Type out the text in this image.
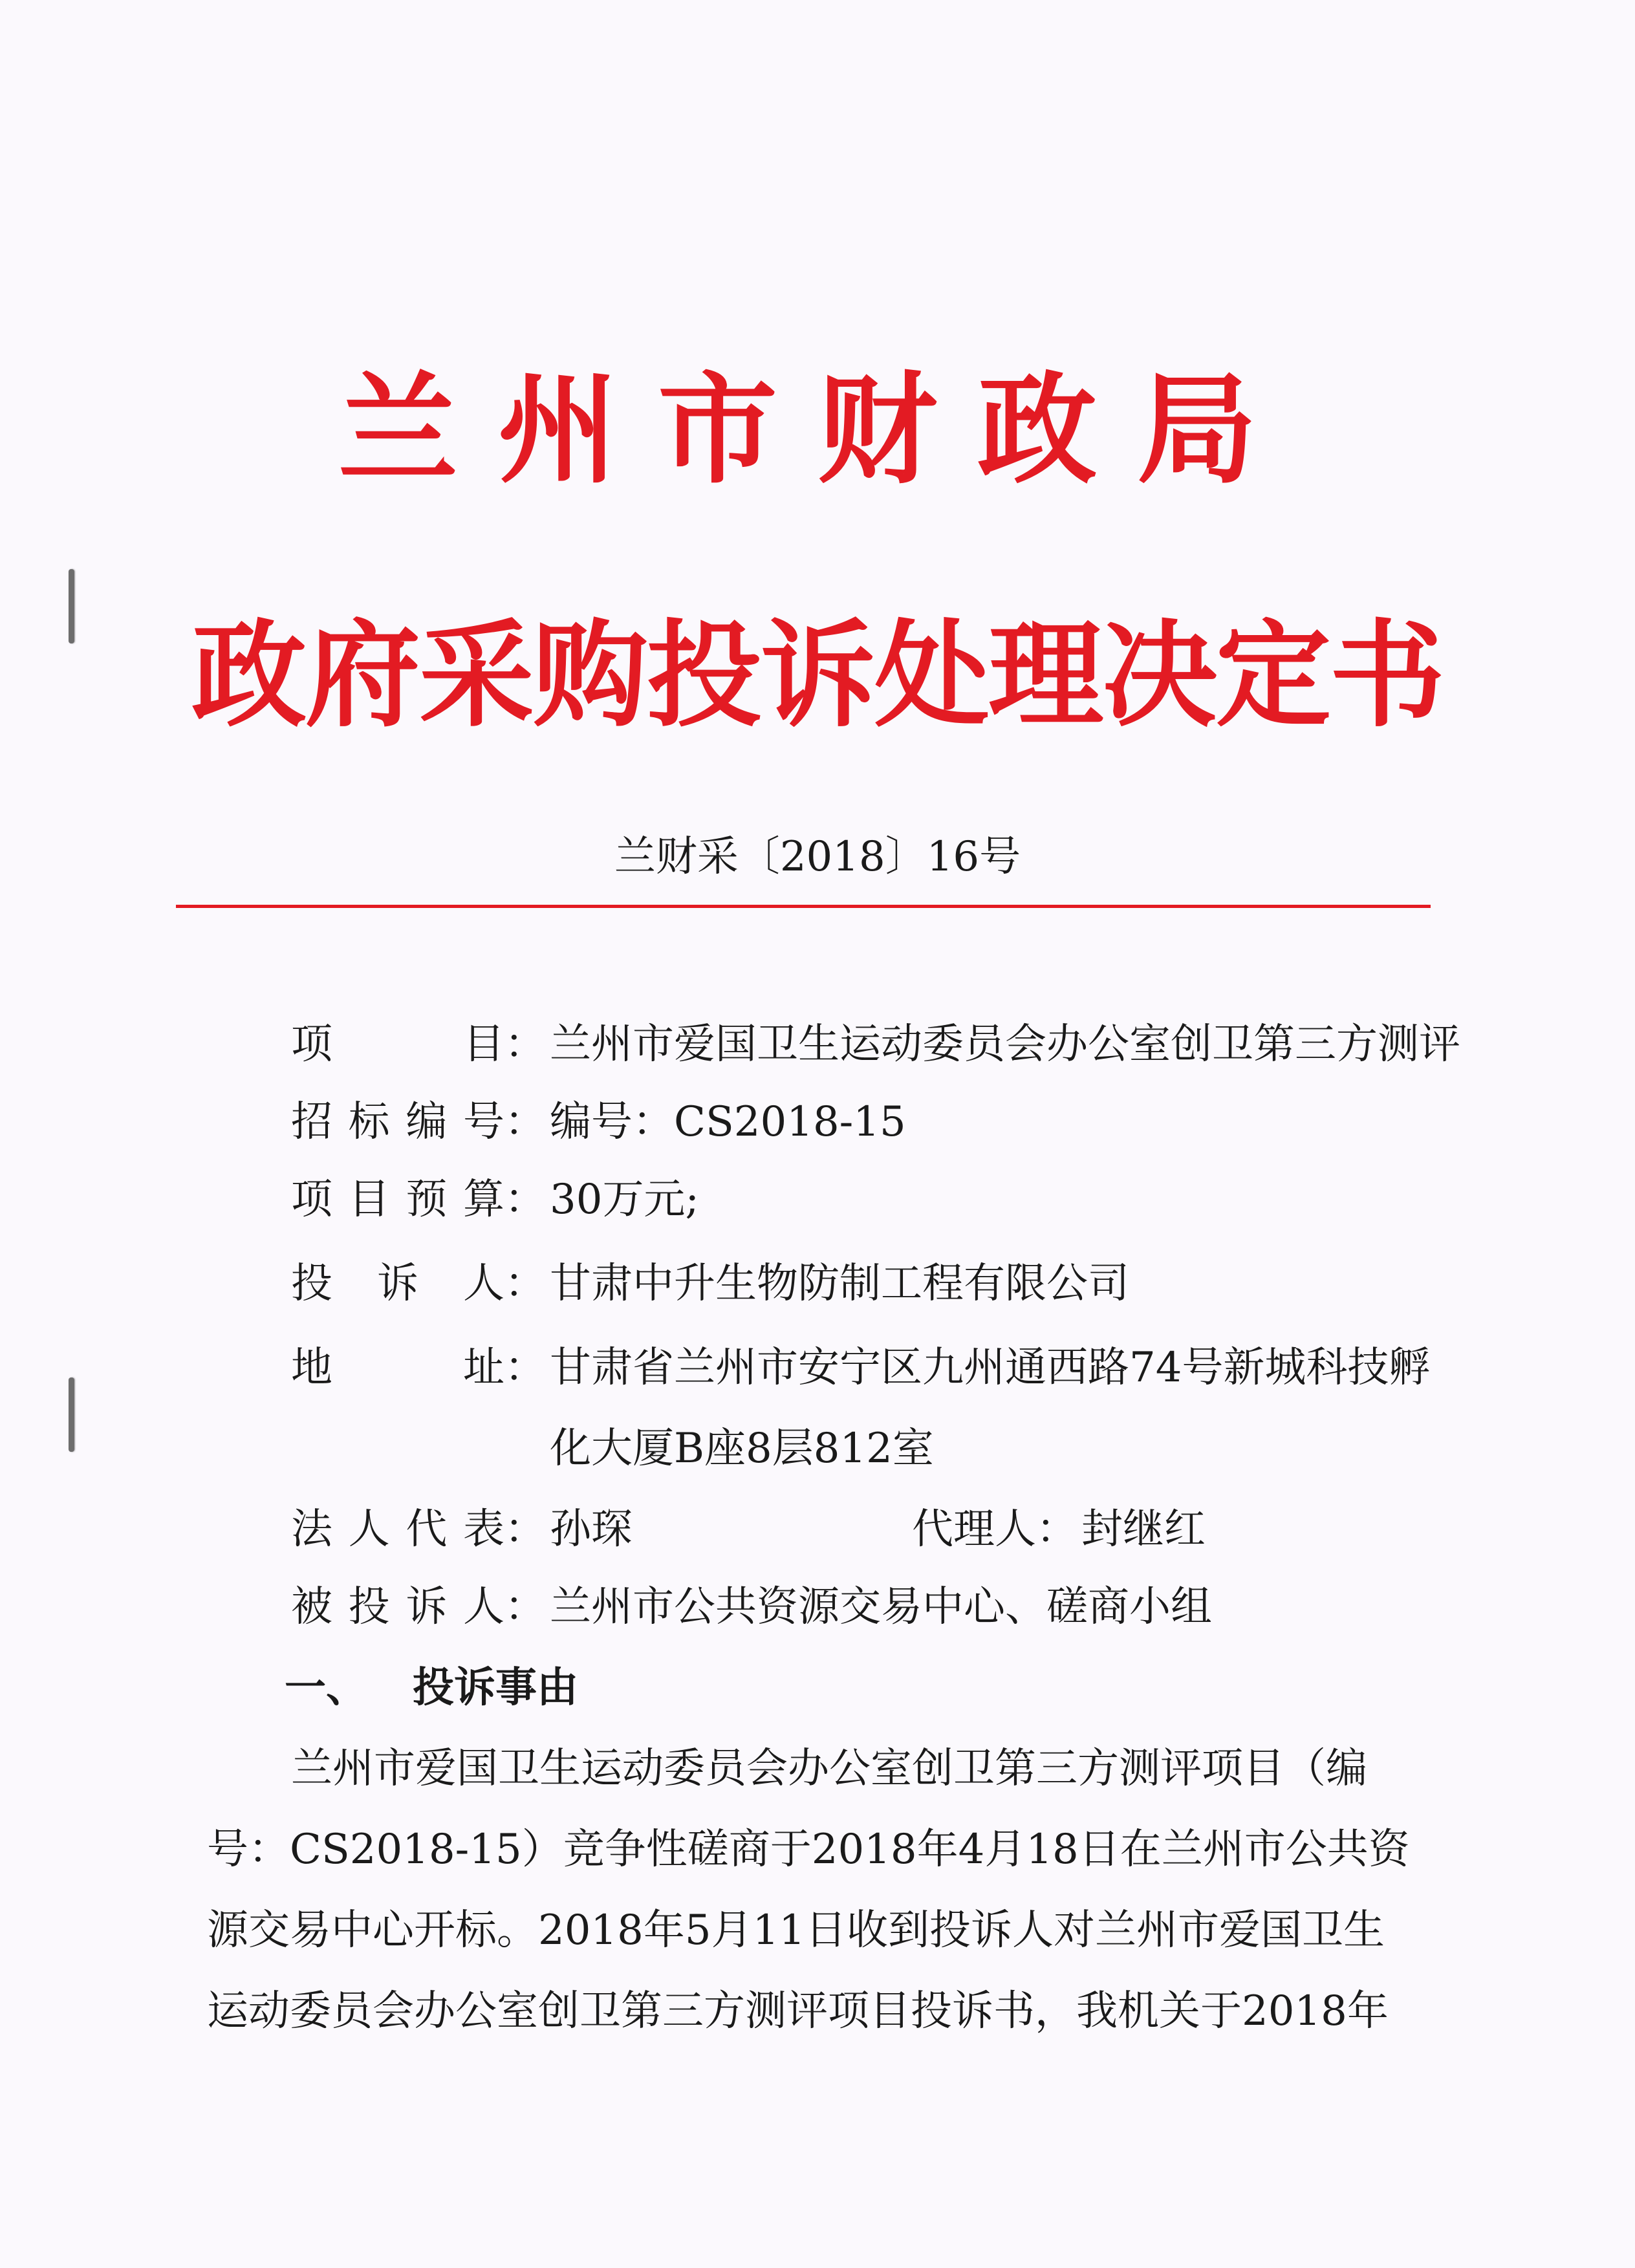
兰州市财政局
政府采购投诉处理决定书
兰财采〔2018〕16号
项目：兰州市爱国卫生运动委员会办公室创卫第三方测评
招标编号：编号：CS2018-15
项目预算：30万元;
投诉人：甘肃中升生物防制工程有限公司
地址：甘肃省兰州市安宁区九州通西路74号新城科技孵
化大厦B座8层812室
法人代表：孙琛	代理人：封继红
被投诉人：兰州市公共资源交易中心、磋商小组
一、 投诉事由
兰州市爱国卫生运动委员会办公室创卫第三方测评项目（编
号：CS2018-15）竞争性磋商于2018年4月18日在兰州市公共资
源交易中心开标。2018年5月11日收到投诉人对兰州市爱国卫生
运动委员会办公室创卫第三方测评项目投诉书，我机关于2018年
